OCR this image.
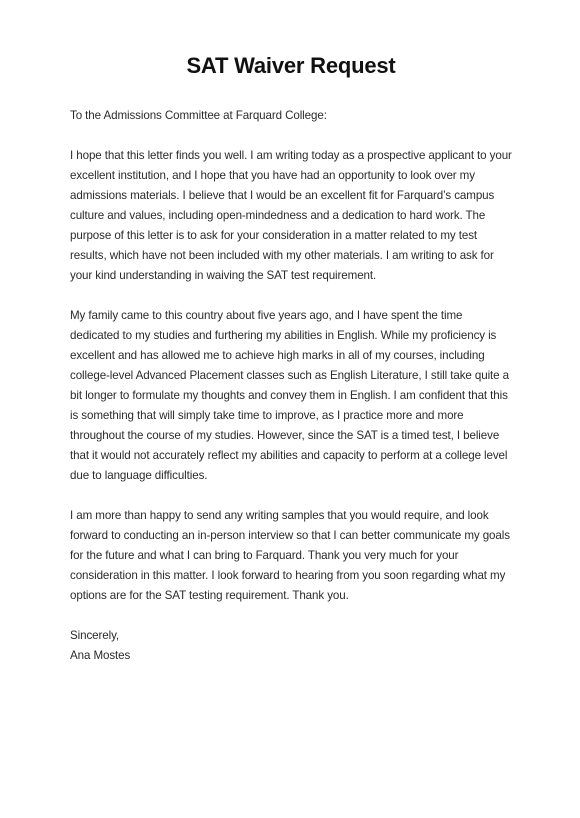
SAT Waiver Request

To the Admissions Committee at Farquard College:

I hope that this letter finds you well. I am writing today as a prospective applicant to your excellent institution, and I hope that you have had an opportunity to look over my admissions materials. I believe that I would be an excellent fit for Farquard’s campus culture and values, including open-mindedness and a dedication to hard work. The purpose of this letter is to ask for your consideration in a matter related to my test results, which have not been included with my other materials. I am writing to ask for your kind understanding in waiving the SAT test requirement.

My family came to this country about five years ago, and I have spent the time dedicated to my studies and furthering my abilities in English. While my proficiency is excellent and has allowed me to achieve high marks in all of my courses, including college-level Advanced Placement classes such as English Literature, I still take quite a bit longer to formulate my thoughts and convey them in English. I am confident that this is something that will simply take time to improve, as I practice more and more throughout the course of my studies. However, since the SAT is a timed test, I believe that it would not accurately reflect my abilities and capacity to perform at a college level due to language difficulties.

I am more than happy to send any writing samples that you would require, and look forward to conducting an in-person interview so that I can better communicate my goals for the future and what I can bring to Farquard. Thank you very much for your consideration in this matter. I look forward to hearing from you soon regarding what my options are for the SAT testing requirement. Thank you.

Sincerely,

Ana Mostes
